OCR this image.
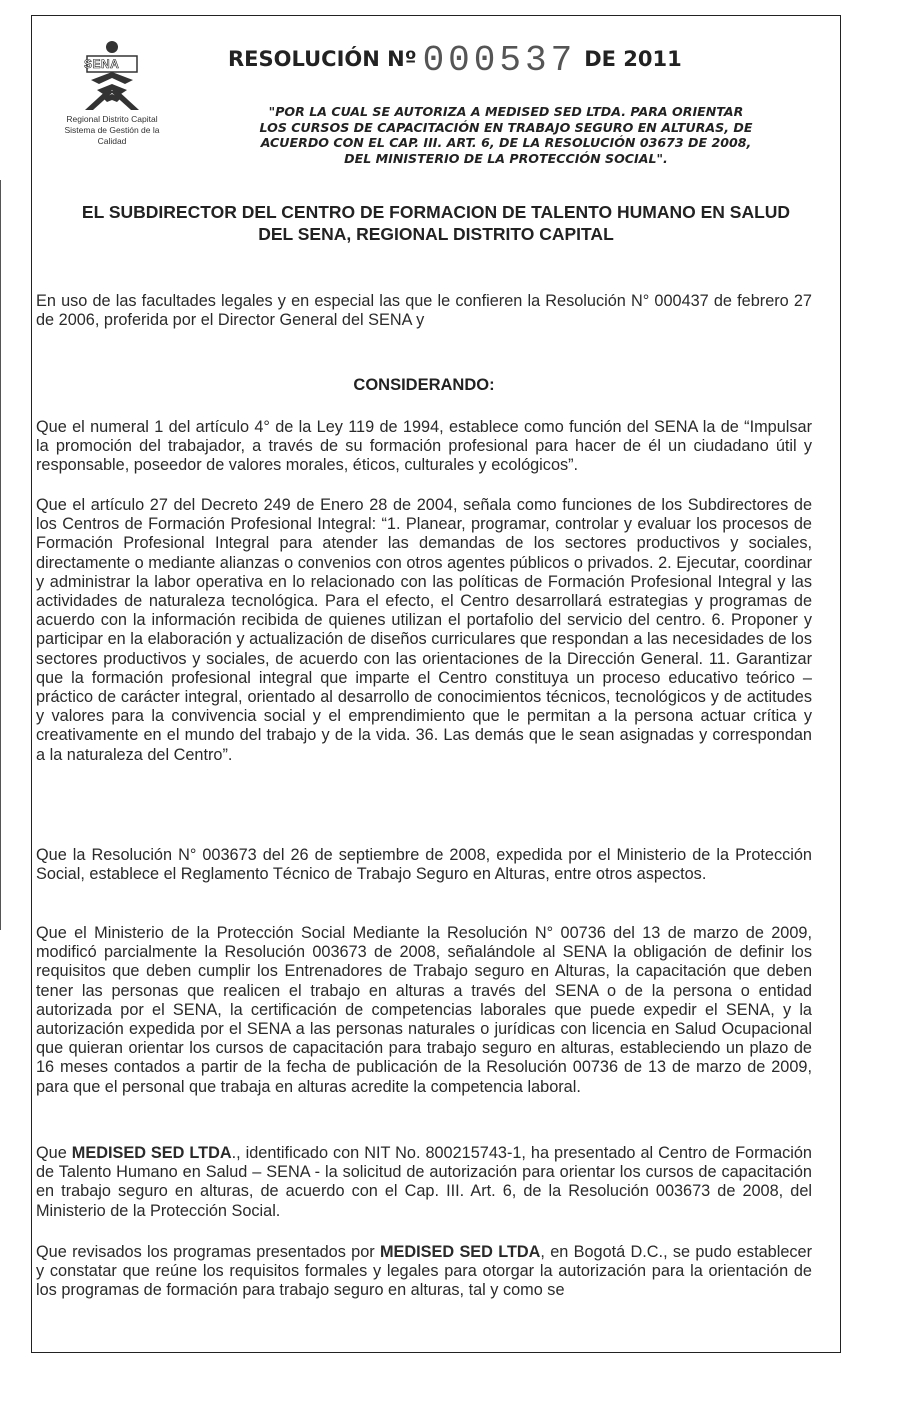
SENA
Regional Distrito Capital
Sistema de Gestión de la
Calidad
RESOLUCIÓN Nº 000537 DE 2011
"POR LA CUAL SE AUTORIZA A MEDISED SED LTDA. PARA ORIENTAR
LOS CURSOS DE CAPACITACIÓN EN TRABAJO SEGURO EN ALTURAS, DE
ACUERDO CON EL CAP. III. ART. 6, DE LA RESOLUCIÓN 03673 DE 2008,
DEL MINISTERIO DE LA PROTECCIÓN SOCIAL".
EL SUBDIRECTOR DEL CENTRO DE FORMACION DE TALENTO HUMANO EN SALUD
DEL SENA, REGIONAL DISTRITO CAPITAL

En uso de las facultades legales y en especial las que le confieren la Resolución N° 000437 de febrero 27 de 2006, proferida por el Director General del SENA y

CONSIDERANDO:

Que el numeral 1 del artículo 4° de la Ley 119 de 1994, establece como función del SENA la de “Impulsar la promoción del trabajador, a través de su formación profesional para hacer de él un ciudadano útil y responsable, poseedor de valores morales, éticos, culturales y ecológicos”.

Que el artículo 27 del Decreto 249 de Enero 28 de 2004, señala como funciones de los Subdirectores de los Centros de Formación Profesional Integral: “1. Planear, programar, controlar y evaluar los procesos de Formación Profesional Integral para atender las demandas de los sectores productivos y sociales, directamente o mediante alianzas o convenios con otros agentes públicos o privados. 2. Ejecutar, coordinar y administrar la labor operativa en lo relacionado con las políticas de Formación Profesional Integral y las actividades de naturaleza tecnológica. Para el efecto, el Centro desarrollará estrategias y programas de acuerdo con la información recibida de quienes utilizan el portafolio del servicio del centro. 6. Proponer y participar en la elaboración y actualización de diseños curriculares que respondan a las necesidades de los sectores productivos y sociales, de acuerdo con las orientaciones de la Dirección General. 11. Garantizar que la formación profesional integral que imparte el Centro constituya un proceso educativo teórico – práctico de carácter integral, orientado al desarrollo de conocimientos técnicos, tecnológicos y de actitudes y valores para la convivencia social y el emprendimiento que le permitan a la persona actuar crítica y creativamente en el mundo del trabajo y de la vida. 36. Las demás que le sean asignadas y correspondan a la naturaleza del Centro”.

Que la Resolución N° 003673 del 26 de septiembre de 2008, expedida por el Ministerio de la Protección Social, establece el Reglamento Técnico de Trabajo Seguro en Alturas, entre otros aspectos.

Que el Ministerio de la Protección Social Mediante la Resolución N° 00736 del 13 de marzo de 2009, modificó parcialmente la Resolución 003673 de 2008, señalándole al SENA la obligación de definir los requisitos que deben cumplir los Entrenadores de Trabajo seguro en Alturas, la capacitación que deben tener las personas que realicen el trabajo en alturas a través del SENA o de la persona o entidad autorizada por el SENA, la certificación de competencias laborales que puede expedir el SENA, y la autorización expedida por el SENA a las personas naturales o jurídicas con licencia en Salud Ocupacional que quieran orientar los cursos de capacitación para trabajo seguro en alturas, estableciendo un plazo de 16 meses contados a partir de la fecha de publicación de la Resolución 00736 de 13 de marzo de 2009, para que el personal que trabaja en alturas acredite la competencia laboral.

Que MEDISED SED LTDA., identificado con NIT No. 800215743-1, ha presentado al Centro de Formación de Talento Humano en Salud – SENA - la solicitud de autorización para orientar los cursos de capacitación en trabajo seguro en alturas, de acuerdo con el Cap. III. Art. 6, de la Resolución 003673 de 2008, del Ministerio de la Protección Social.

Que revisados los programas presentados por MEDISED SED LTDA, en Bogotá D.C., se pudo establecer y constatar que reúne los requisitos formales y legales para otorgar la autorización para la orientación de los programas de formación para trabajo seguro en alturas, tal y como se
